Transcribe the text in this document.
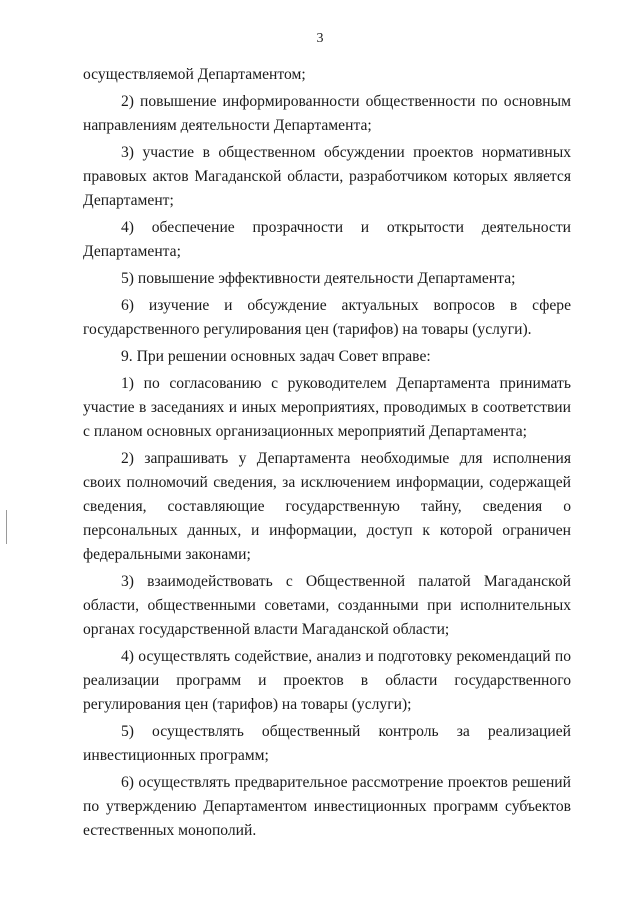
3

осуществляемой Департаментом;

2) повышение информированности общественности по основным направлениям деятельности Департамента;

3) участие в общественном обсуждении проектов нормативных правовых актов Магаданской области, разработчиком которых является Департамент;

4) обеспечение прозрачности и открытости деятельности Департамента;

5) повышение эффективности деятельности Департамента;

6) изучение и обсуждение актуальных вопросов в сфере государственного регулирования цен (тарифов) на товары (услуги).

9. При решении основных задач Совет вправе:

1) по согласованию с руководителем Департамента принимать участие в заседаниях и иных мероприятиях, проводимых в соответствии с планом основных организационных мероприятий Департамента;

2) запрашивать у Департамента необходимые для исполнения своих полномочий сведения, за исключением информации, содержащей сведения, составляющие государственную тайну, сведения о персональных данных, и информации, доступ к которой ограничен федеральными законами;

3) взаимодействовать с Общественной палатой Магаданской области, общественными советами, созданными при исполнительных органах государственной власти Магаданской области;

4) осуществлять содействие, анализ и подготовку рекомендаций по реализации программ и проектов в области государственного регулирования цен (тарифов) на товары (услуги);

5) осуществлять общественный контроль за реализацией инвестиционных программ;

6) осуществлять предварительное рассмотрение проектов решений по утверждению Департаментом инвестиционных программ субъектов естественных монополий.
